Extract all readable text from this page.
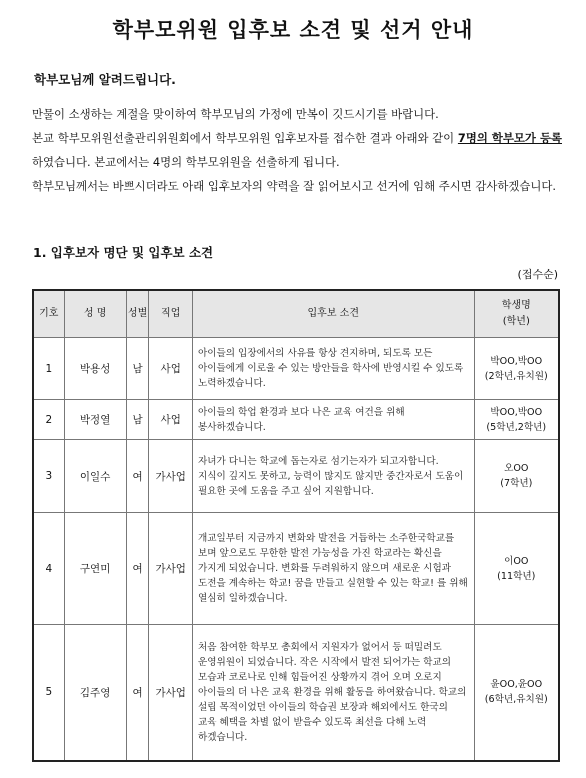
학부모위원 입후보 소견 및 선거 안내
학부모님께 알려드립니다.

만물이 소생하는 계절을 맞이하여 학부모님의 가정에 만복이 깃드시기를 바랍니다.

본교 학부모위원선출관리위원회에서 학부모위원 입후보자를 접수한 결과 아래와 같이 7명의 학부모가 등록 하였습니다. 본교에서는 4명의 학부모위원을 선출하게 됩니다.

학부모님께서는 바쁘시더라도 아래 입후보자의 약력을 잘 읽어보시고 선거에 임해 주시면 감사하겠습니다.

1. 입후보자 명단 및 입후보 소견
(접수순)
기호	성 명	성별	직업	입후보 소견	학생명
(학년)
1	박용성	남	사업	아이들의 입장에서의 사유를 항상 견지하며, 되도록 모든 아이들에게 이로울 수 있는 방안들을 학사에 반영시킬 수 있도록 노력하겠습니다.	박OO,박OO
(2학년,유치원)
2	박정열	남	사업	아이들의 학업 환경과 보다 나은 교육 여건을 위해 봉사하겠습니다.	박OO,박OO
(5학년,2학년)
3	이일수	여	가사업	자녀가 다니는 학교에 돕는자로 섬기는자가 되고자합니다. 지식이 깊지도 못하고, 능력이 많지도 않지만 중간자로서 도움이 필요한 곳에 도움을 주고 싶어 지원합니다.	오OO
(7학년)
4	구연미	여	가사업	개교일부터 지금까지 변화와 발전을 거듭하는 소주한국학교를 보며 앞으로도 무한한 발전 가능성을 가진 학교라는 확신을 가지게 되었습니다. 변화를 두려워하지 않으며 새로운 시험과 도전을 계속하는 학교! 꿈을 만들고 실현할 수 있는 학교! 를 위해 열심히 일하겠습니다.	이OO
(11학년)
5	김주영	여	가사업	처음 참여한 학부모 총회에서 지원자가 없어서 등 떠밀려도 운영위원이 되었습니다. 작은 시작에서 발전 되어가는 학교의 모습과 코로나로 인해 힘들어진 상황까지 겪어 오며 오로지 아이들의 더 나은 교육 환경을 위해 활동을 하여왔습니다. 학교의 설립 목적이었던 아이들의 학습권 보장과 해외에서도 한국의 교육 혜택을 차별 없이 받을수 있도록 최선을 다해 노력 하겠습니다.	윤OO,윤OO
(6학년,유치원)
